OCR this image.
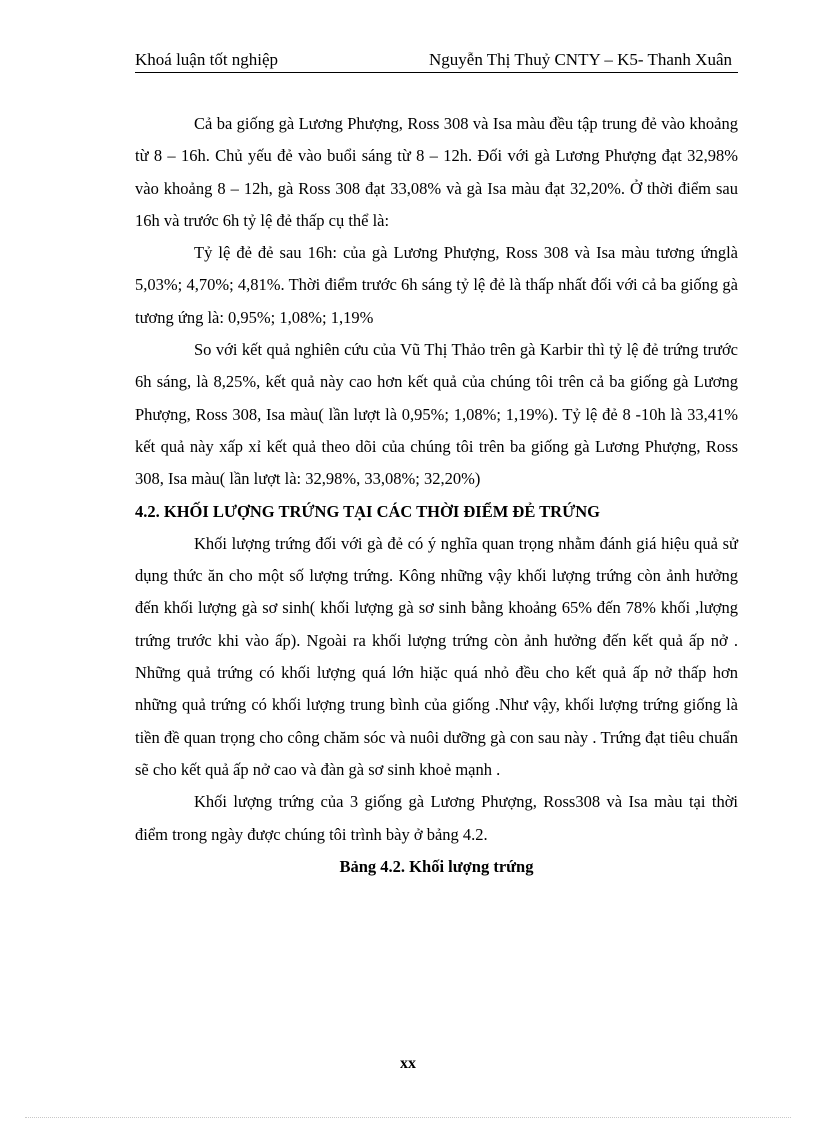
Khoá luận tốt nghiệp	Nguyễn Thị Thuỷ CNTY – K5- Thanh Xuân

Cả ba giống gà Lương Phượng, Ross 308 và Isa màu đều tập trung đẻ vào khoảng từ 8 – 16h. Chủ yếu đẻ vào buổi sáng từ 8 – 12h. Đối với gà Lương Phượng đạt 32,98% vào khoảng 8 – 12h, gà Ross 308 đạt 33,08% và gà Isa màu đạt 32,20%. Ở thời điểm sau 16h và trước 6h tỷ lệ đẻ thấp cụ thể là:

Tỷ lệ đẻ đẻ sau 16h: của gà Lương Phượng, Ross 308 và Isa màu tương ứnglà 5,03%; 4,70%; 4,81%. Thời điểm trước 6h sáng tỷ lệ đẻ là thấp nhất đối với cả ba giống gà tương ứng là: 0,95%; 1,08%; 1,19%

So với kết quả nghiên cứu của Vũ Thị Thảo trên gà Karbir thì tỷ lệ đẻ trứng trước 6h sáng, là 8,25%, kết quả này cao hơn kết quả của chúng tôi trên cả ba giống gà Lương Phượng, Ross 308, Isa màu( lần lượt là 0,95%; 1,08%; 1,19%). Tỷ lệ đẻ 8 -10h là 33,41% kết quả này xấp xỉ kết quả theo dõi của chúng tôi trên ba giống gà Lương Phượng, Ross 308, Isa màu( lần lượt là: 32,98%, 33,08%; 32,20%)

4.2. KHỐI LƯỢNG TRỨNG TẠI CÁC THỜI ĐIỂM ĐẺ TRỨNG

Khối lượng trứng đối với gà đẻ có ý nghĩa quan trọng nhằm đánh giá hiệu quả sử dụng thức ăn cho một số lượng trứng. Kông những vậy khối lượng trứng còn ảnh hưởng đến khối lượng gà sơ sinh( khối lượng gà sơ sinh bằng khoảng 65% đến 78% khối ,lượng trứng trước khi vào ấp). Ngoài ra khối lượng trứng còn ảnh hưởng đến kết quả ấp nở . Những quả trứng có khối lượng quá lớn hiặc quá nhỏ đều cho kết quả ấp nở thấp hơn những quả trứng có khối lượng trung bình của giống .Như vậy, khối lượng trứng giống là tiền đề quan trọng cho công chăm sóc và nuôi dưỡng gà con sau này . Trứng đạt tiêu chuẩn sẽ cho kết quả ấp nở cao và đàn gà sơ sinh khoẻ mạnh .

Khối lượng trứng của 3 giống gà Lương Phượng, Ross308 và Isa màu tại thời điểm trong ngày được chúng tôi trình bày ở bảng 4.2.

Bảng 4.2. Khối lượng trứng

xx
